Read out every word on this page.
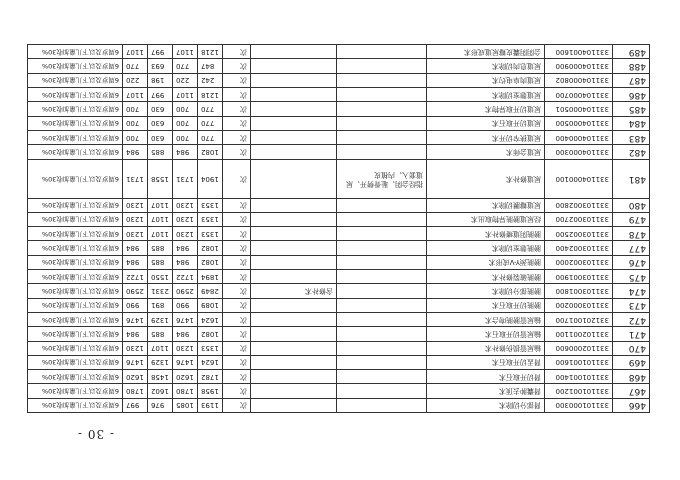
- 30 -
466	331101000300	肾部分切除术			次	1193	1085	976	997	6周岁及以下儿童加收30%
467	331101001200	肾囊肿去顶术			次	1958	1780	1602	1780	6周岁及以下儿童加收30%
468	331101001400	肾切开取石术			次	1782	1620	1458	1620	6周岁及以下儿童加收30%
469	331101001600	肾盂切开取石术			次	1624	1476	1329	1476	6周岁及以下儿童加收30%
470	331102000600	输尿管损伤修补术			次	1353	1230	1107	1230	6周岁及以下儿童加收30%
471	331102001100	输尿管切开取石术			次	1082	984	885	984	6周岁及以下儿童加收30%
472	331201001700	输尿管膀胱吻合术			次	1624	1476	1329	1476	6周岁及以下儿童加收30%
473	331103000200	膀胱切开取石术			次	1089	990	891	990	6周岁及以下儿童加收30%
474	331103001800	膀胱部分切除术		含修补术	次	2849	2590	2331	2590	6周岁及以下儿童加收30%
475	331103001900	膀胱破裂修补术			次	1894	1722	1550	1722	6周岁及以下儿童加收30%
476	331103002000	膀胱颈Y-V成形术			次	1082	984	885	984	6周岁及以下儿童加收30%
477	331103002400	膀胱憩室切除术			次	1082	984	885	984	6周岁及以下儿童加收30%
478	331103002500	膀胱阴道瘘修补术			次	1353	1230	1107	1230	6周岁及以下儿童加收30%
479	331103002700	经尿道膀胱异物取出术			次	1353	1230	1107	1230	6周岁及以下儿童加收30%
480	331103002800	尿道瓣膜切除术			次	1353	1230	1107	1230	6周岁及以下儿童加收30%
481	331104000100	尿道修补术	指经会阴、耻骨劈开、尿道套入、内植皮		次	1904	1731	1558	1731	6周岁及以下儿童加收30%
482	331104000300	尿道会师术			次	1082	984	885	984	6周岁及以下儿童加收30%
483	331104000400	尿道狭窄切开术			次	770	700	630	700	6周岁及以下儿童加收30%
484	331104000500	尿道切开取石术			次	770	700	630	700	6周岁及以下儿童加收30%
485	331104000501	尿道切开取异物术			次	770	700	630	700	6周岁及以下儿童加收30%
486	331104000700	尿道憩室切除术			次	1218	1107	997	1107	6周岁及以下儿童加收30%
487	331104000802	尿道肉阜电灼术			次	242	220	198	220	6周岁及以下儿童加收30%
488	331104000900	尿道息肉切除术			次	847	770	693	770	6周岁及以下儿童加收30%
489	331104001600	会阴阴囊皮瓣尿道成形术			次	1218	1107	997	1107	6周岁及以下儿童加收30%
